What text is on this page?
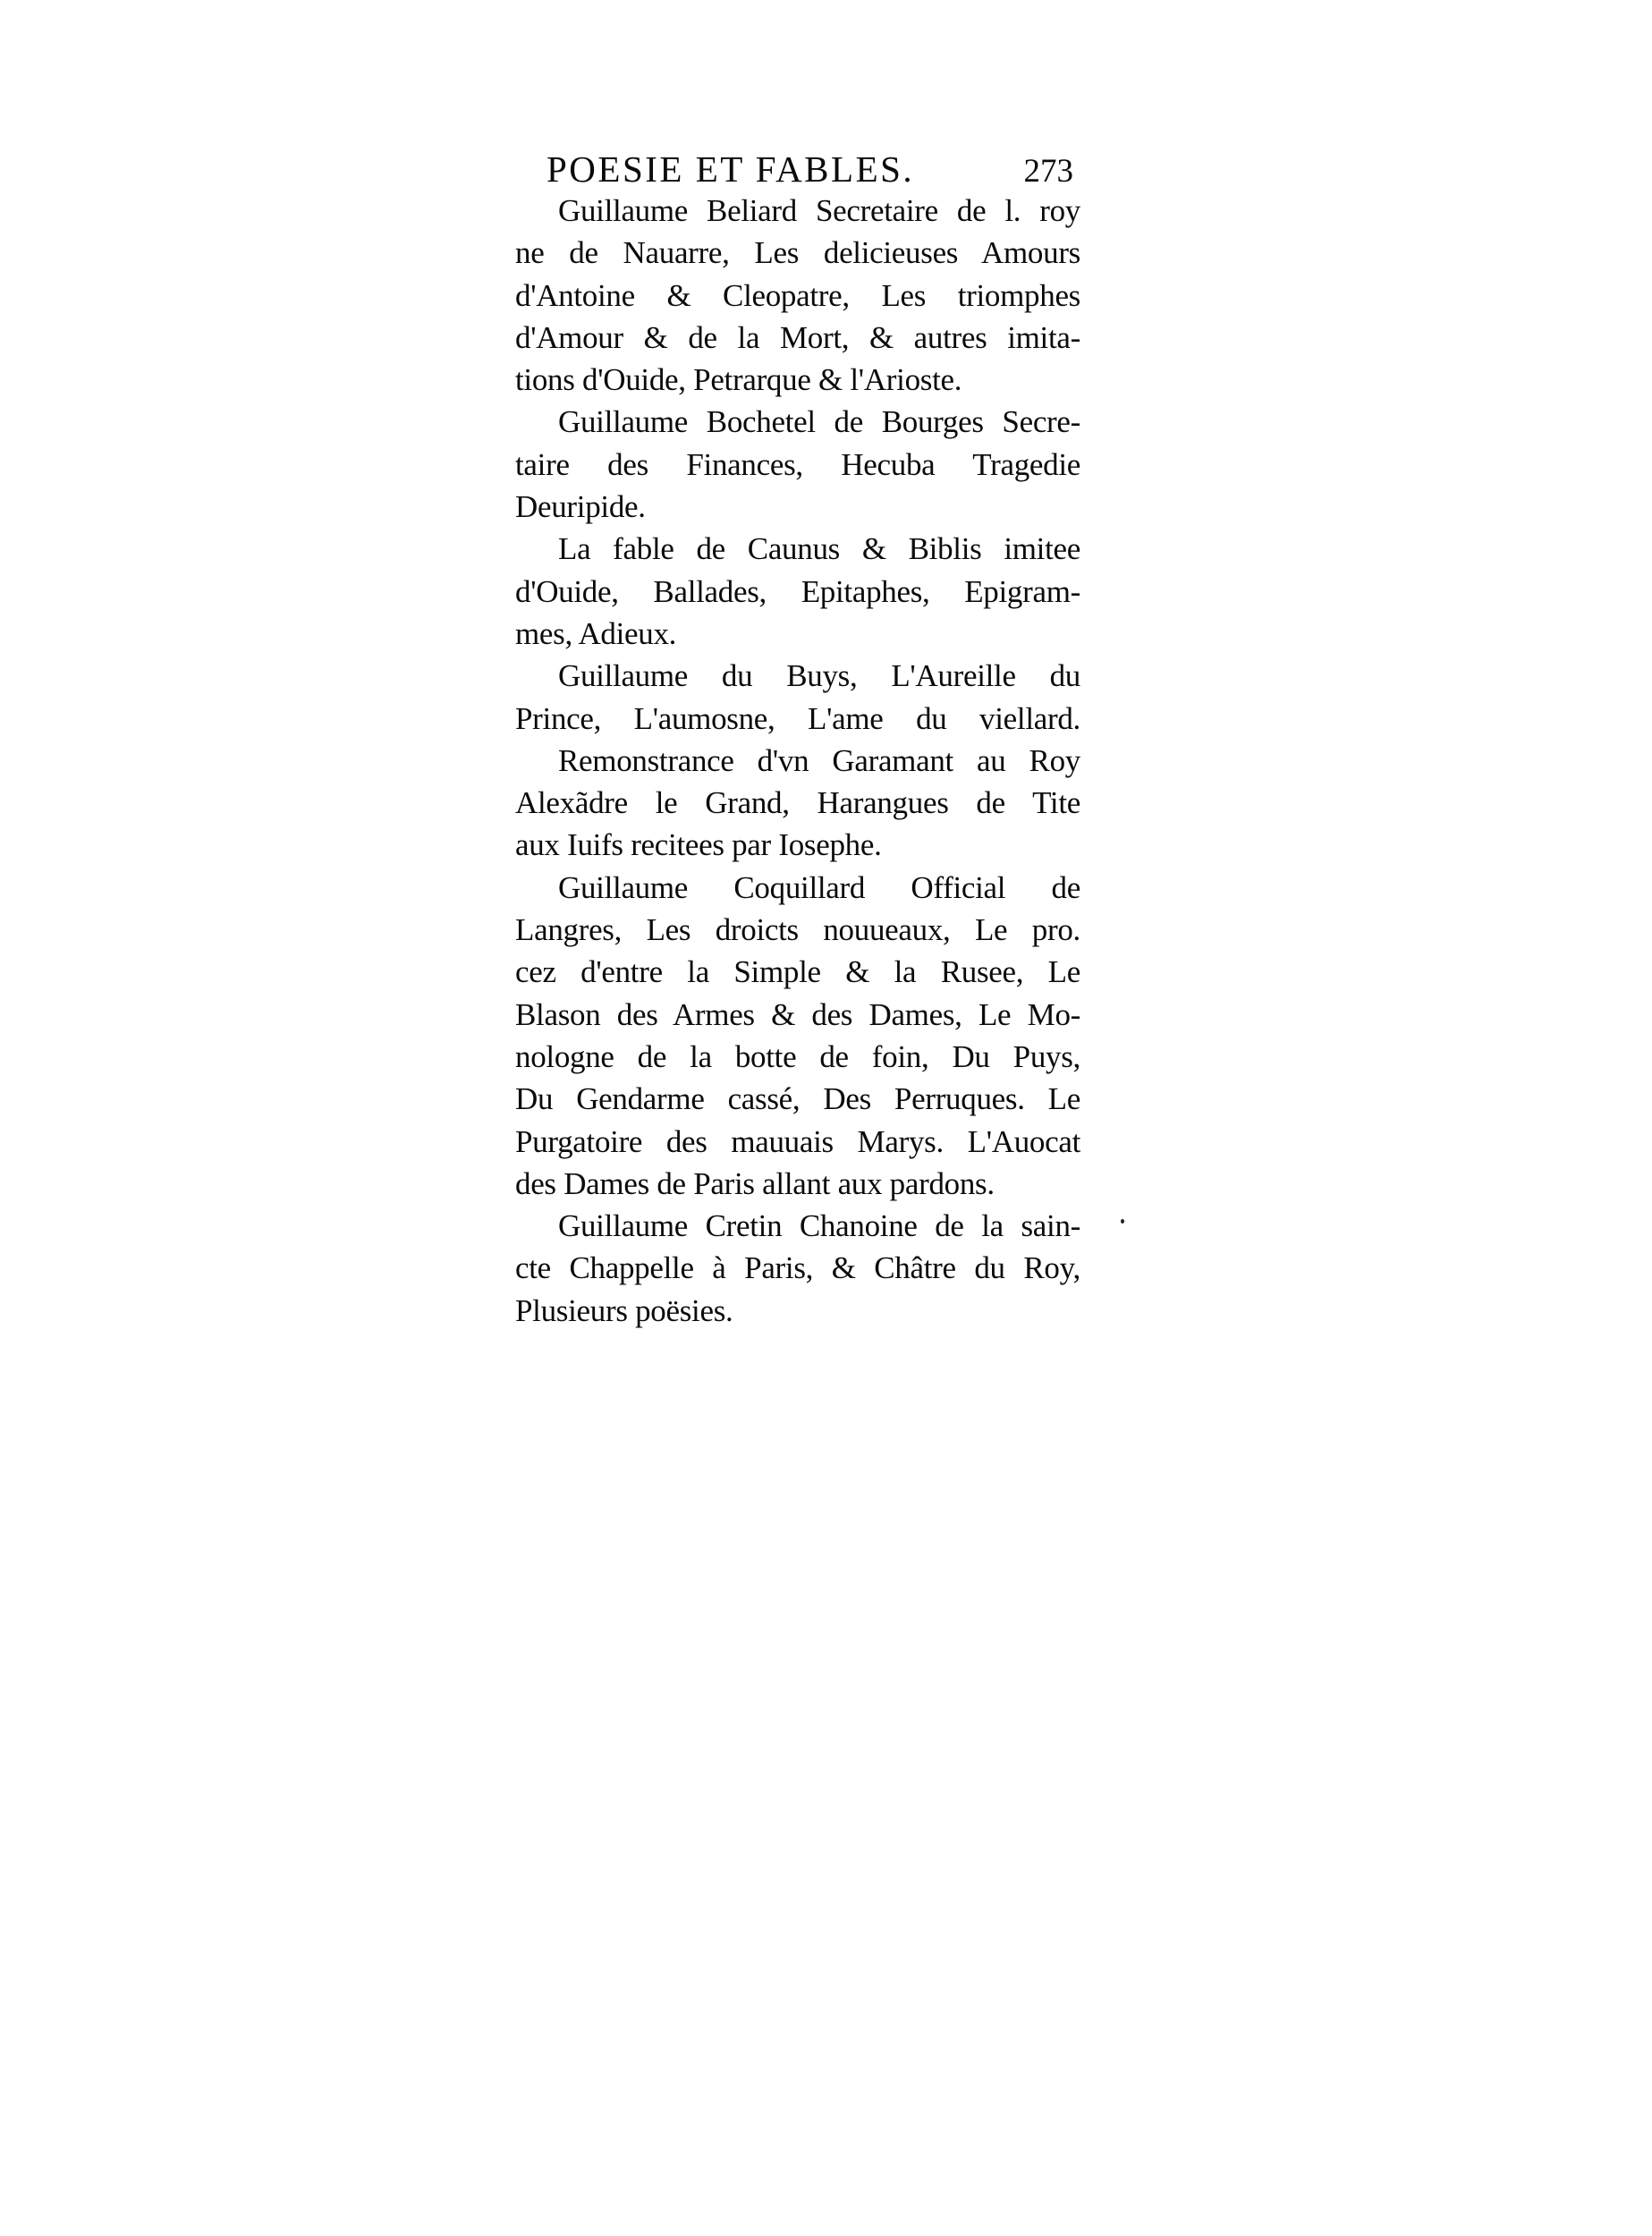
POESIE ET FABLES.	273

Guillaume Beliard Secretaire de l. roy
ne de Nauarre, Les delicieuses Amours
d'Antoine & Cleopatre, Les triomphes
d'Amour & de la Mort, & autres imita-
tions d'Ouide, Petrarque & l'Arioste.

Guillaume Bochetel de Bourges Secre-
taire des Finances, Hecuba Tragedie
Deuripide.

La fable de Caunus & Biblis imitee
d'Ouide, Ballades, Epitaphes, Epigram-
mes, Adieux.

Guillaume du Buys, L'Aureille du
Prince, L'aumosne, L'ame du viellard.

Remonstrance d'vn Garamant au Roy
Alexãdre le Grand, Harangues de Tite
aux Iuifs recitees par Iosephe.

Guillaume Coquillard Official de
Langres, Les droicts nouueaux, Le pro.
cez d'entre la Simple & la Rusee, Le
Blason des Armes & des Dames, Le Mo-
nologne de la botte de foin, Du Puys,
Du Gendarme cassé, Des Perruques. Le
Purgatoire des mauuais Marys. L'Auocat
des Dames de Paris allant aux pardons.

Guillaume Cretin Chanoine de la sain-
cte Chappelle à Paris, & Châtre du Roy,
Plusieurs poësies.
